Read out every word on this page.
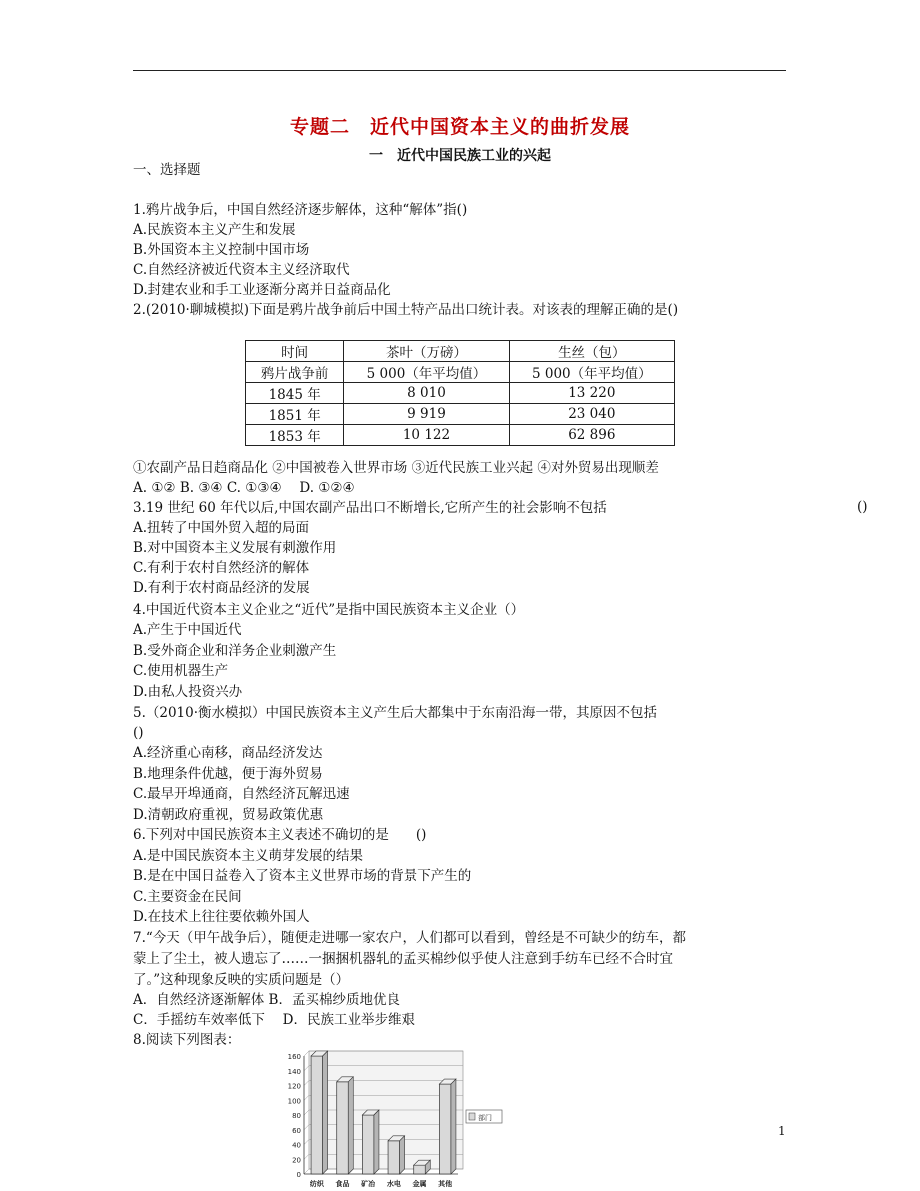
专题二　近代中国资本主义的曲折发展
一　近代中国民族工业的兴起
一、选择题
1.鸦片战争后，中国自然经济逐步解体，这种“解体”指()
A.民族资本主义产生和发展
B.外国资本主义控制中国市场
C.自然经济被近代资本主义经济取代
D.封建农业和手工业逐渐分离并日益商品化
2.(2010·聊城模拟)下面是鸦片战争前后中国土特产品出口统计表。对该表的理解正确的是()
时间	茶叶（万磅）	生丝（包）
鸦片战争前	5 000（年平均值）	5 000（年平均值）
1845 年	8 010	13 220
1851 年	9 919	23 040
1853 年	10 122	62 896
①农副产品日趋商品化 ②中国被卷入世界市场 ③近代民族工业兴起 ④对外贸易出现顺差
A. ①② B. ③④ C. ①③④　 D. ①②④
3.19 世纪 60 年代以后,中国农副产品出口不断增长,它所产生的社会影响不包括	()
A.扭转了中国外贸入超的局面
B.对中国资本主义发展有刺激作用
C.有利于农村自然经济的解体
D.有利于农村商品经济的发展
4.中国近代资本主义企业之“近代”是指中国民族资本主义企业（）
A.产生于中国近代
B.受外商企业和洋务企业刺激产生
C.使用机器生产
D.由私人投资兴办
5.（2010·衡水模拟）中国民族资本主义产生后大都集中于东南沿海一带，其原因不包括
()
A.经济重心南移，商品经济发达
B.地理条件优越，便于海外贸易
C.最早开埠通商，自然经济瓦解迅速
D.清朝政府重视，贸易政策优惠
6.下列对中国民族资本主义表述不确切的是　　()
A.是中国民族资本主义萌芽发展的结果
B.是在中国日益卷入了资本主义世界市场的背景下产生的
C.主要资金在民间
D.在技术上往往要依赖外国人
7.“今天（甲午战争后），随便走进哪一家农户，人们都可以看到，曾经是不可缺少的纺车，都
蒙上了尘土，被人遗忘了……一捆捆机器轧的孟买棉纱似乎使人注意到手纺车已经不合时宜
了。”这种现象反映的实质问题是（）
A．自然经济逐渐解体 B．孟买棉纱质地优良
C．手摇纺车效率低下　 D．民族工业举步维艰
8.阅读下列图表：
0
20
40
60
80
100
120
140
160
纺织 食品 矿冶 水电 金属 其他
部门
1
